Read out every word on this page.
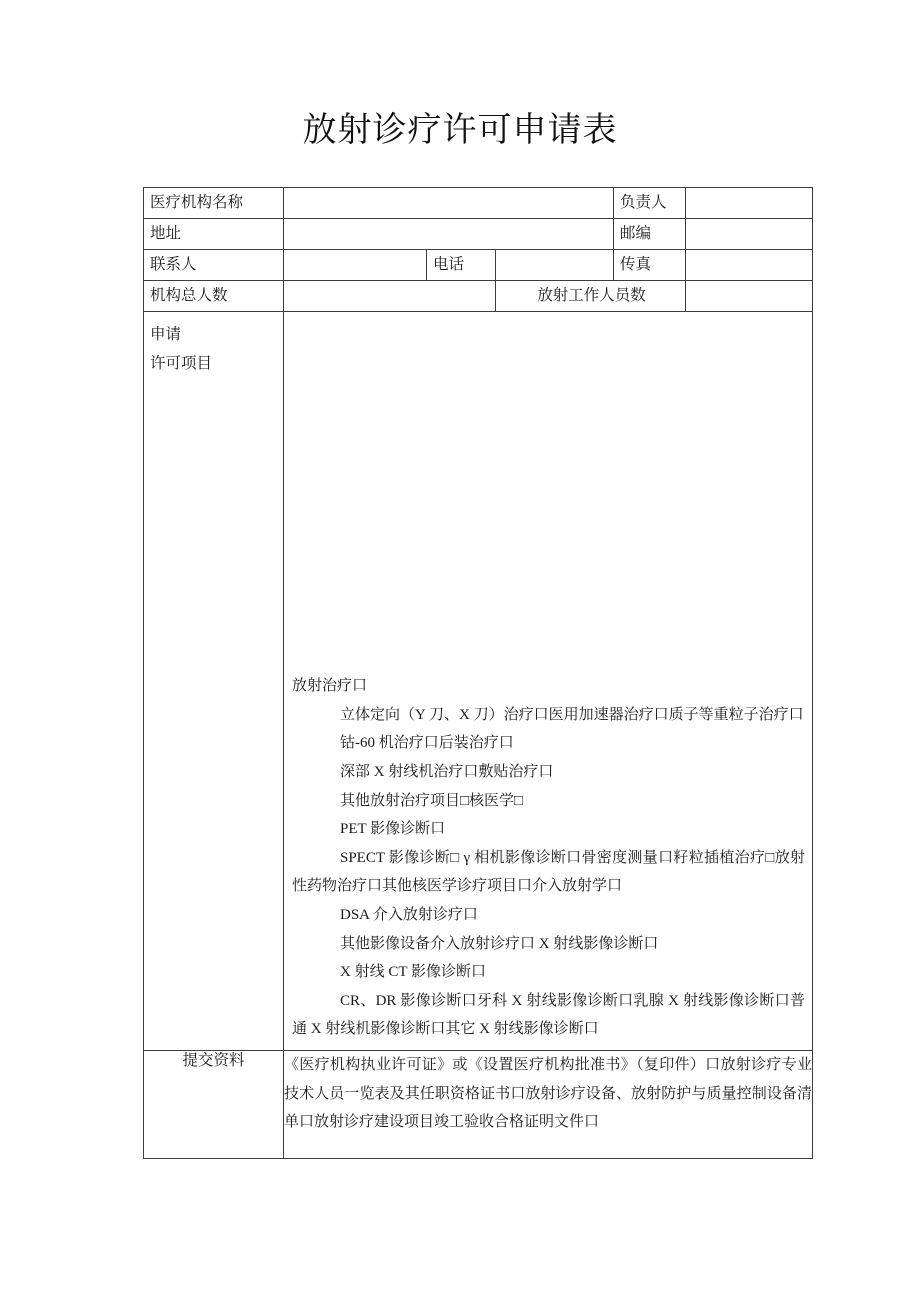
放射诊疗许可申请表
医疗机构名称				负责人	

地址				邮编	

联系人		电话		传真	

机构总人数			放射工作人员数		

申请
许可项目

放射治疗口
立体定向（Y 刀、X 刀）治疗口医用加速器治疗口质子等重粒子治疗口
钴-60 机治疗口后装治疗口
深部 X 射线机治疗口敷贴治疗口
其他放射治疗项目□核医学□
PET 影像诊断口
SPECT 影像诊断□ γ 相机影像诊断口骨密度测量口籽粒插植治疗□放射性药物治疗口其他核医学诊疗项目口介入放射学口
DSA 介入放射诊疗口
其他影像设备介入放射诊疗口 X 射线影像诊断口
X 射线 CT 影像诊断口
CR、DR 影像诊断口牙科 X 射线影像诊断口乳腺 X 射线影像诊断口普通 X 射线机影像诊断口其它 X 射线影像诊断口

提交资料	《医疗机构执业许可证》或《设置医疗机构批准书》（复印件）口放射诊疗专业技术人员一览表及其任职资格证书口放射诊疗设备、放射防护与质量控制设备清单口放射诊疗建设项目竣工验收合格证明文件口				
